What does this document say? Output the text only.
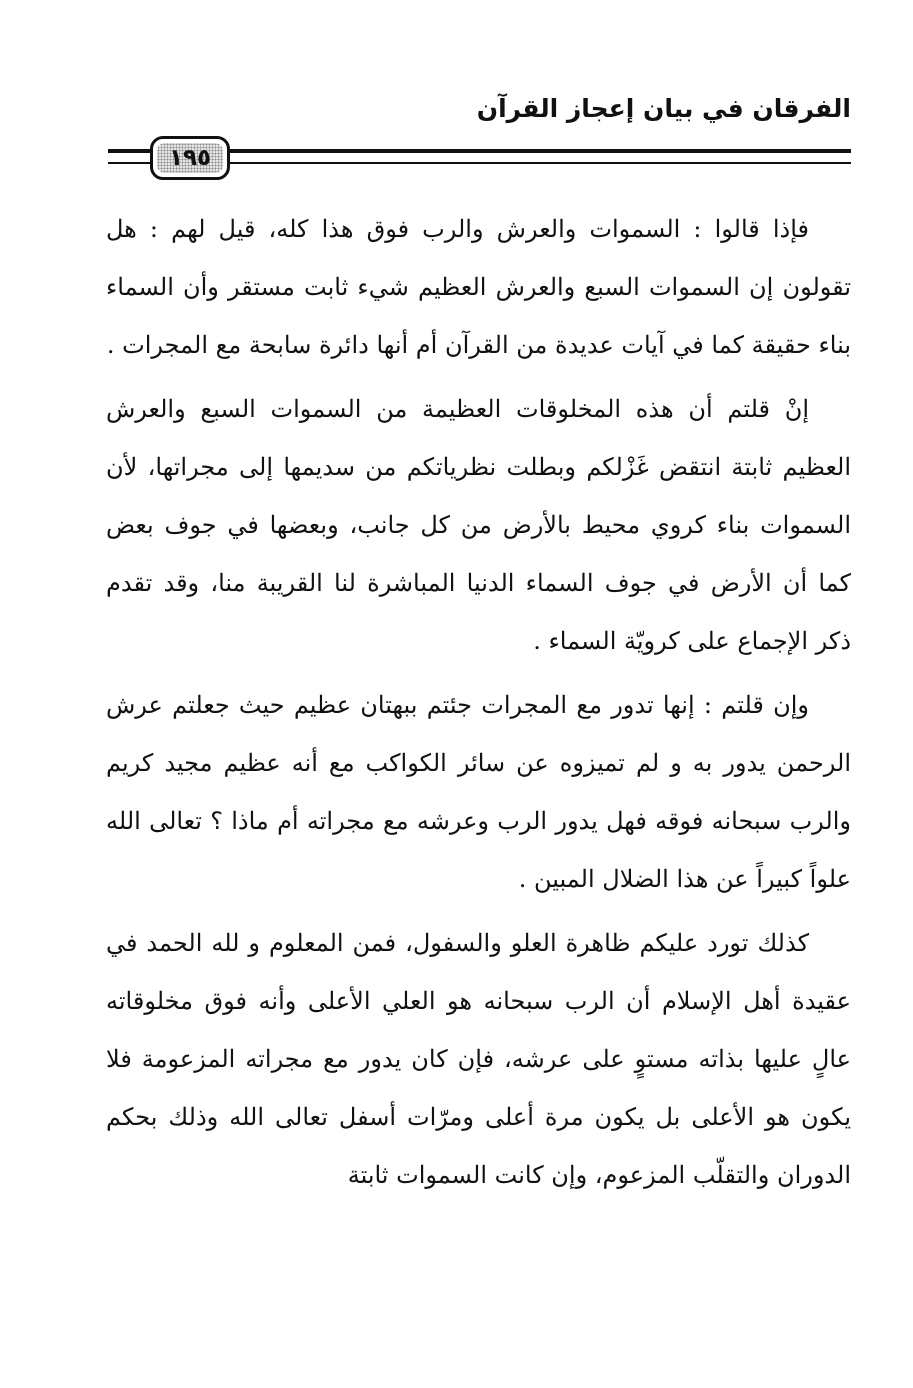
الفرقان في بيان إعجاز القرآن
١٩٥

فإذا قالوا : السموات والعرش والرب فوق هذا كله، قيل لهم : هل تقولون إن السموات السبع والعرش العظيم شيء ثابت مستقر وأن السماء بناء حقيقة كما في آيات عديدة من القرآن أم أنها دائرة سابحة مع المجرات .

إنْ قلتم أن هذه المخلوقات العظيمة من السموات السبع والعرش العظيم ثابتة انتقض غَزْلكم وبطلت نظرياتكم من سديمها إلى مجراتها، لأن السموات بناء كروي محيط بالأرض من كل جانب، وبعضها في جوف بعض كما أن الأرض في جوف السماء الدنيا المباشرة لنا القريبة منا، وقد تقدم ذكر الإجماع على كرويّة السماء .

وإن قلتم : إنها تدور مع المجرات جئتم ببهتان عظيم حيث جعلتم عرش الرحمن يدور به و لم تميزوه عن سائر الكواكب مع أنه عظيم مجيد كريم والرب سبحانه فوقه فهل يدور الرب وعرشه مع مجراته أم ماذا ؟ تعالى الله علواً كبيراً عن هذا الضلال المبين .

كذلك تورد عليكم ظاهرة العلو والسفول، فمن المعلوم و لله الحمد في عقيدة أهل الإسلام أن الرب سبحانه هو العلي الأعلى وأنه فوق مخلوقاته عالٍ عليها بذاته مستوٍ على عرشه، فإن كان يدور مع مجراته المزعومة فلا يكون هو الأعلى بل يكون مرة أعلى ومرّات أسفل تعالى الله وذلك بحكم الدوران والتقلّب المزعوم، وإن كانت السموات ثابتة
